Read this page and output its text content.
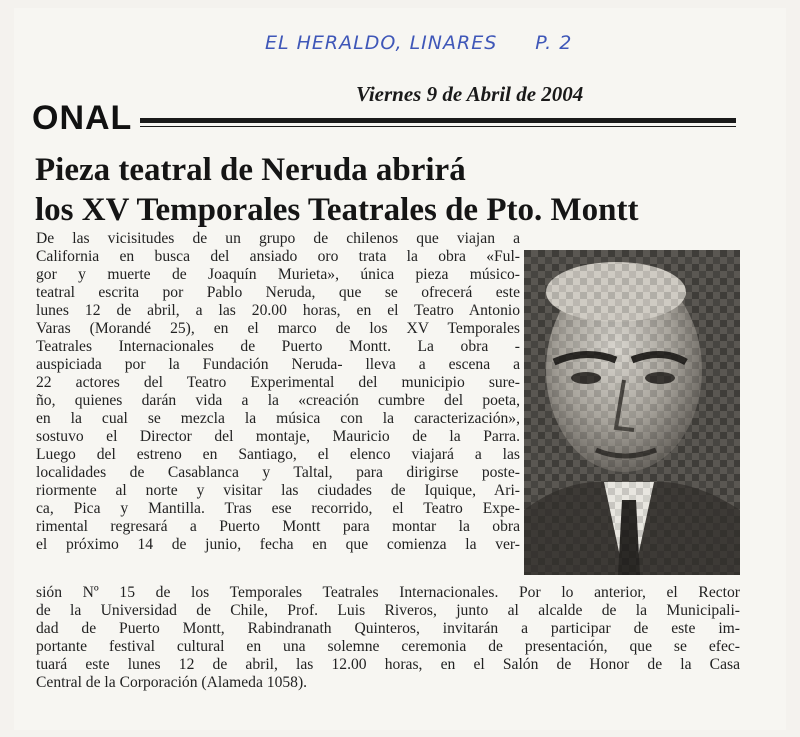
EL HERALDO, LINARES P. 2
Viernes 9 de Abril de 2004
ONAL
Pieza teatral de Neruda abrirá
los XV Temporales Teatrales de Pto. Montt
De las vicisitudes de un grupo de chilenos que viajan a
California en busca del ansiado oro trata la obra «Ful-
gor y muerte de Joaquín Murieta», única pieza músico-
teatral escrita por Pablo Neruda, que se ofrecerá este
lunes 12 de abril, a las 20.00 horas, en el Teatro Antonio
Varas (Morandé 25), en el marco de los XV Temporales
Teatrales Internacionales de Puerto Montt. La obra -
auspiciada por la Fundación Neruda- lleva a escena a
22 actores del Teatro Experimental del municipio sure-
ño, quienes darán vida a la «creación cumbre del poeta,
en la cual se mezcla la música con la caracterización»,
sostuvo el Director del montaje, Mauricio de la Parra.
Luego del estreno en Santiago, el elenco viajará a las
localidades de Casablanca y Taltal, para dirigirse poste-
riormente al norte y visitar las ciudades de Iquique, Ari-
ca, Pica y Mantilla. Tras ese recorrido, el Teatro Expe-
rimental regresará a Puerto Montt para montar la obra
el próximo 14 de junio, fecha en que comienza la ver-
sión Nº 15 de los Temporales Teatrales Internacionales. Por lo anterior, el Rector
de la Universidad de Chile, Prof. Luis Riveros, junto al alcalde de la Municipali-
dad de Puerto Montt, Rabindranath Quinteros, invitarán a participar de este im-
portante festival cultural en una solemne ceremonia de presentación, que se efec-
tuará este lunes 12 de abril, las 12.00 horas, en el Salón de Honor de la Casa
Central de la Corporación (Alameda 1058).
